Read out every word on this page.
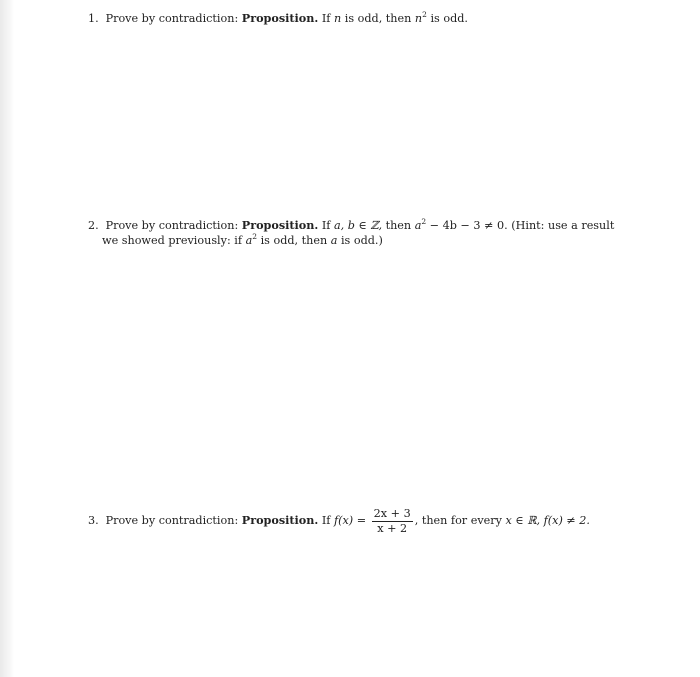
1. Prove by contradiction: Proposition. If n is odd, then $n^2$ is odd.
2. Prove by contradiction: Proposition. If a, b ∈ ℤ, then $a^2 - 4b - 3 \ne 0$. (Hint: use a result
we showed previously: if $a^2$ is odd, then a is odd.)
3. Prove by contradiction: Proposition. If $f(x) = \frac{2x + 3}{x + 2}$ , then for every x ∈ ℝ, f(x) ≠ 2.
